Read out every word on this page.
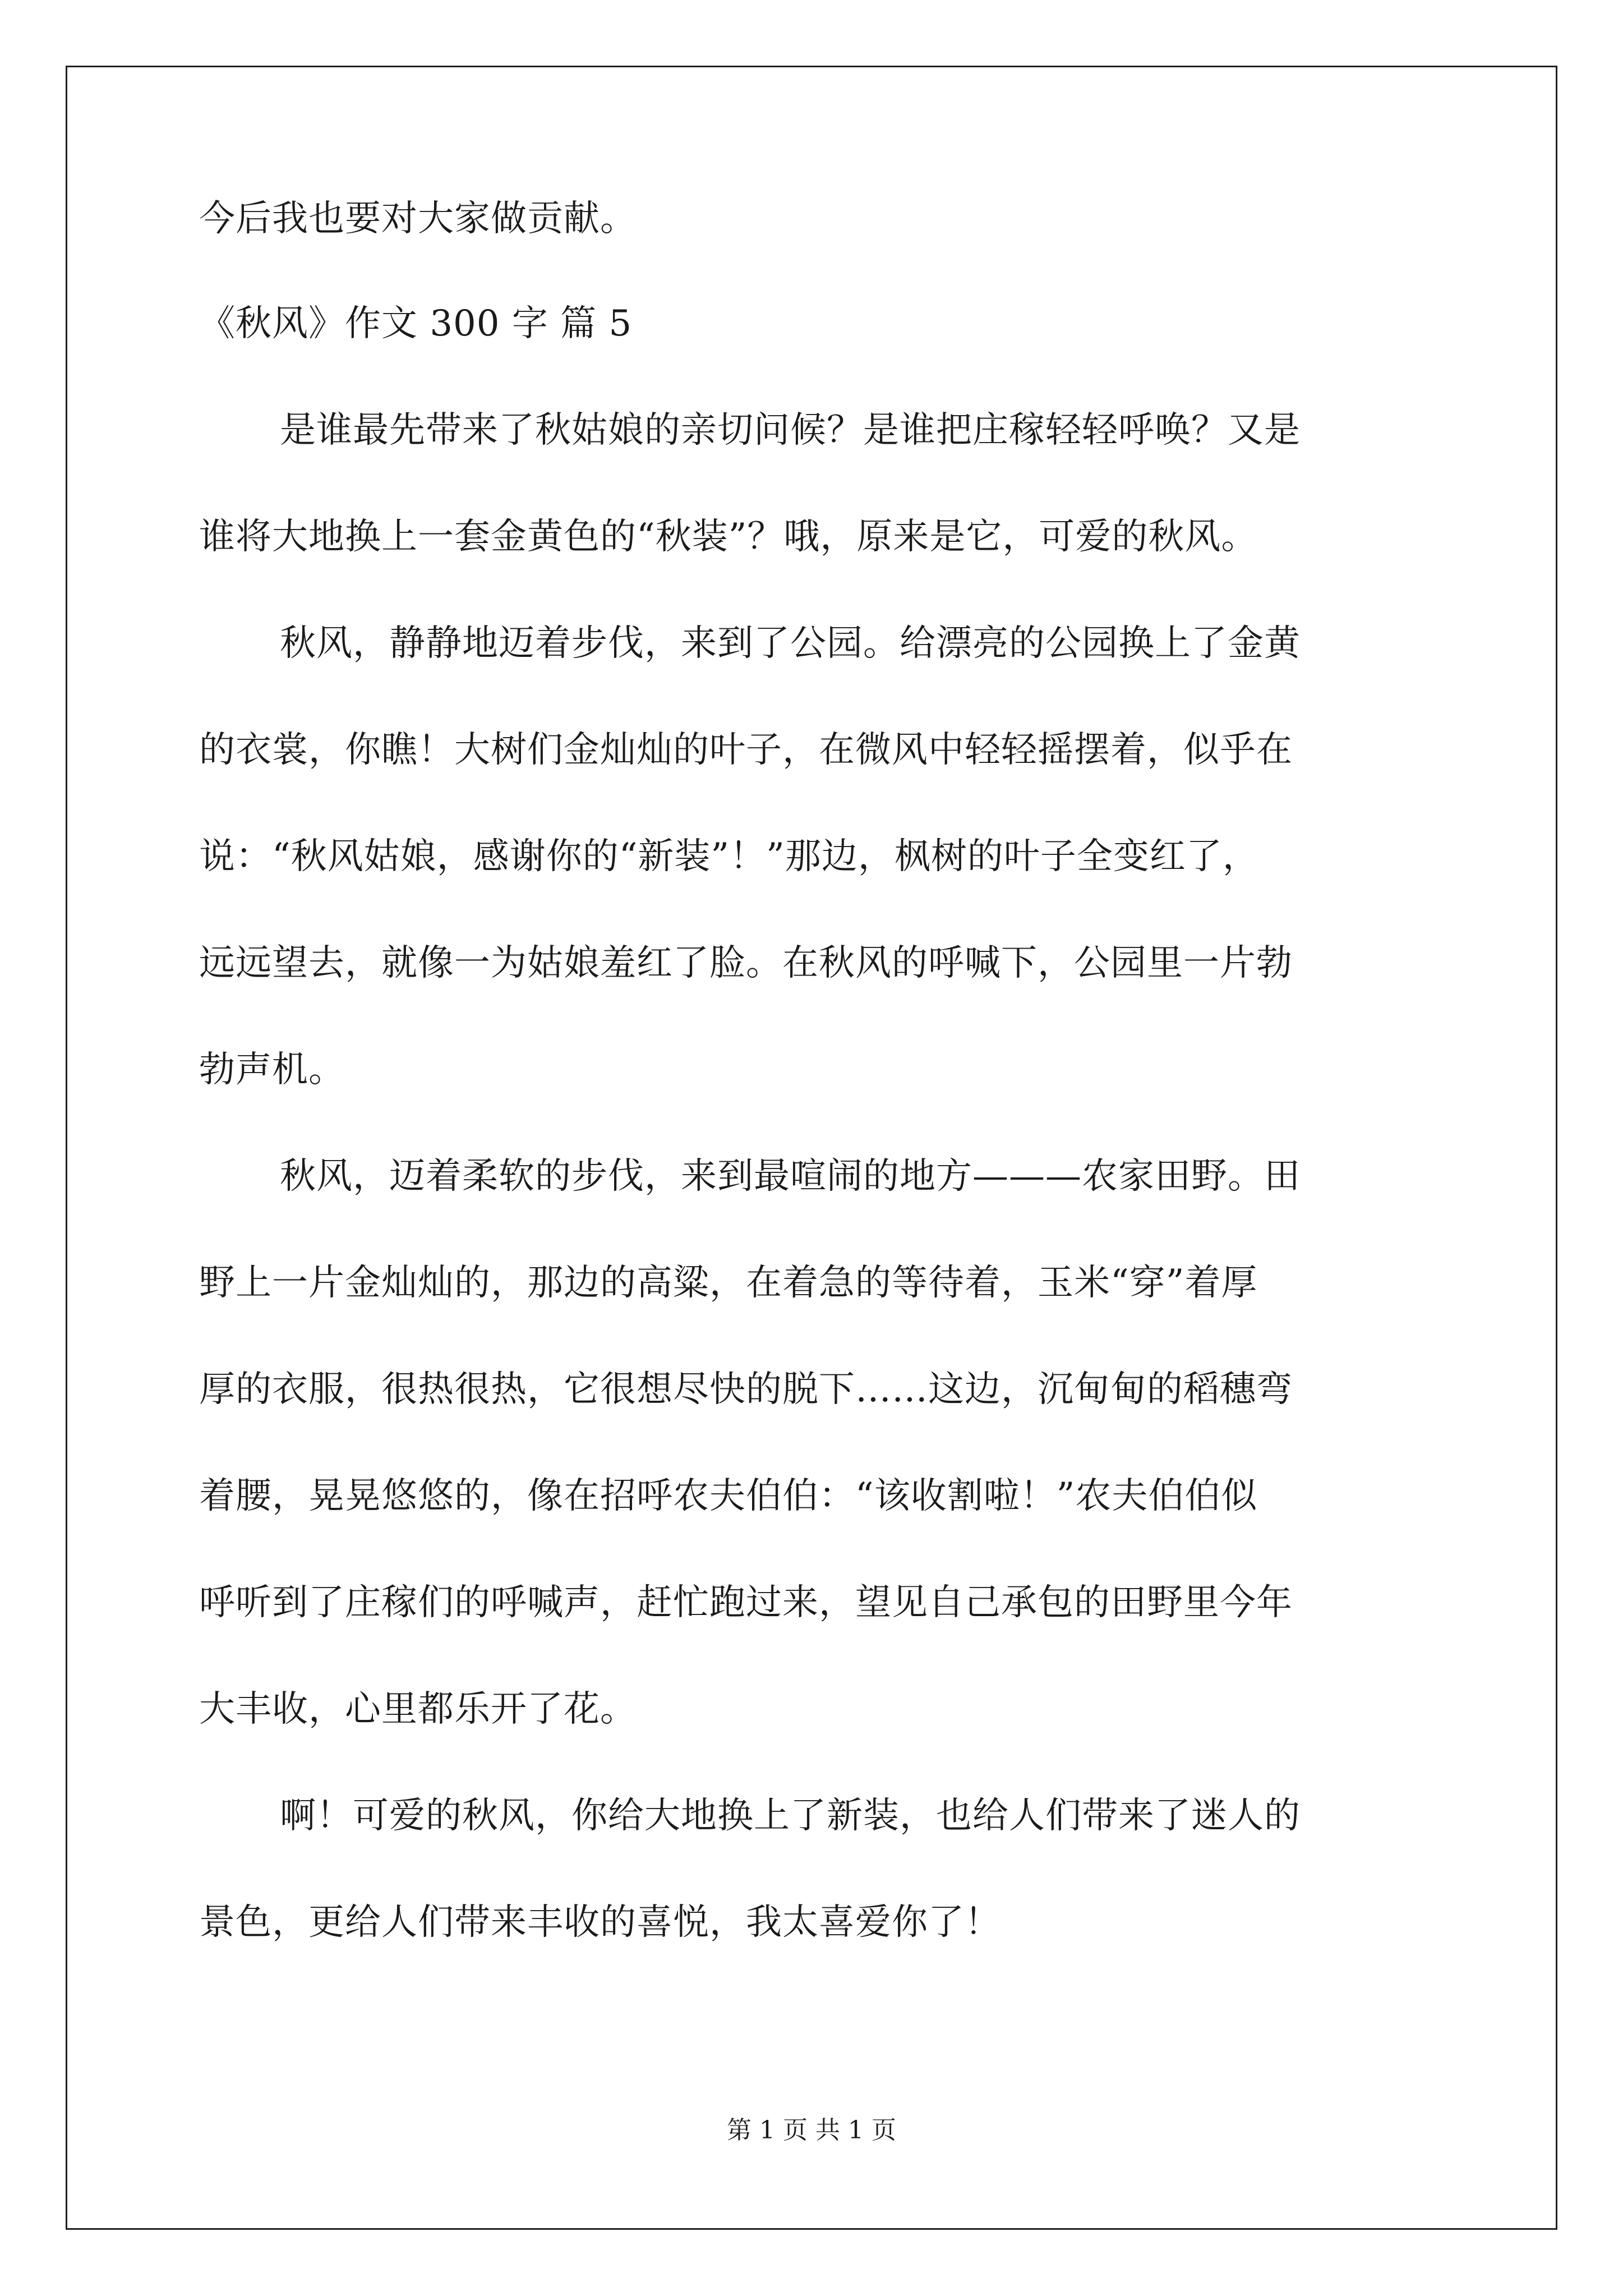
今后我也要对大家做贡献。
《秋风》作文 300 字 篇 5
是谁最先带来了秋姑娘的亲切问候？是谁把庄稼轻轻呼唤？又是
谁将大地换上一套金黄色的“秋装”？哦，原来是它，可爱的秋风。
秋风，静静地迈着步伐，来到了公园。给漂亮的公园换上了金黄
的衣裳，你瞧！大树们金灿灿的叶子，在微风中轻轻摇摆着，似乎在
说：“秋风姑娘，感谢你的“新装”！”那边，枫树的叶子全变红了，
远远望去，就像一为姑娘羞红了脸。在秋风的呼喊下，公园里一片勃
勃声机。
秋风，迈着柔软的步伐，来到最喧闹的地方———农家田野。田
野上一片金灿灿的，那边的高粱，在着急的等待着，玉米“穿”着厚
厚的衣服，很热很热，它很想尽快的脱下……这边，沉甸甸的稻穗弯
着腰，晃晃悠悠的，像在招呼农夫伯伯：“该收割啦！”农夫伯伯似
呼听到了庄稼们的呼喊声，赶忙跑过来，望见自己承包的田野里今年
大丰收，心里都乐开了花。
啊！可爱的秋风，你给大地换上了新装，也给人们带来了迷人的
景色，更给人们带来丰收的喜悦，我太喜爱你了！
第 1 页 共 1 页
